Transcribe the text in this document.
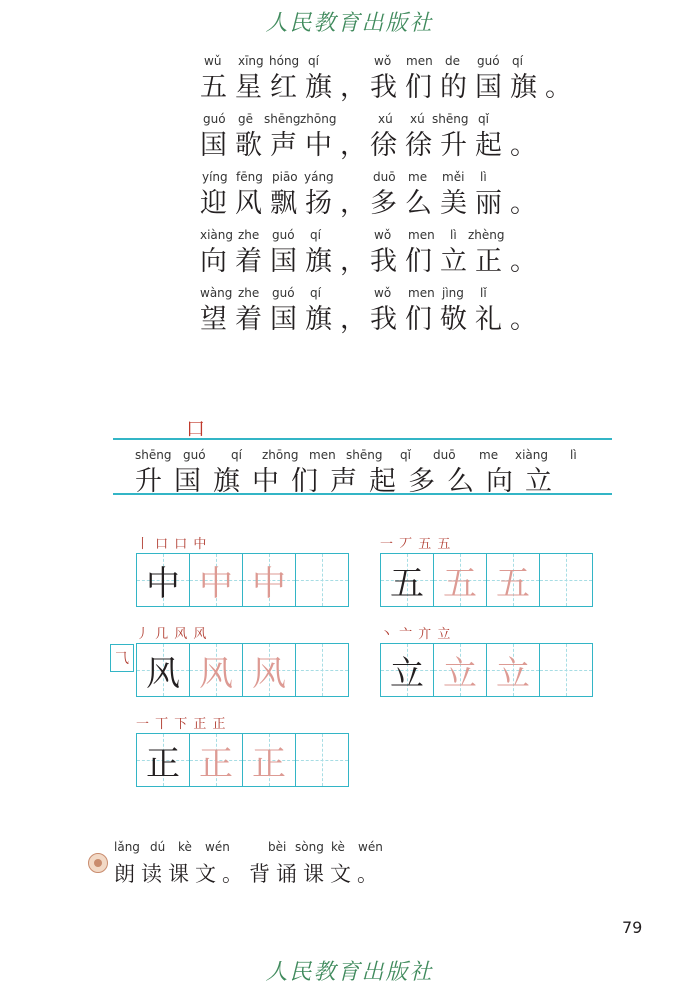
人民教育出版社
wǔ xīng hóng qí
五星红旗，
wǒ men de guó qí
我们的国旗。
guó gē shēng zhōng
国歌声中，
xú xú shēng qǐ
徐徐升起。
yíng fēng piāo yáng
迎风飘扬，
duō me měi lì
多么美丽。
xiàng zhe guó qí
向着国旗，
wǒ men lì zhèng
我们立正。
wàng zhe guó qí
望着国旗，
wǒ men jìng lǐ
我们敬礼。
口
shēng guó qí zhōng men shēng qǐ duō me xiàng lì
升国旗中们声起多么向立
丨 口 口 中
中 中 中
一 丆 五 五
五 五 五
⺄
丿 几 风 风
风 风 风
丶 亠 亣 立
立 立 立
一 丅 下 正 正
正 正 正
lǎng dú kè wén	bèi sòng kè wén
朗读课文。背诵课文。
79
人民教育出版社
